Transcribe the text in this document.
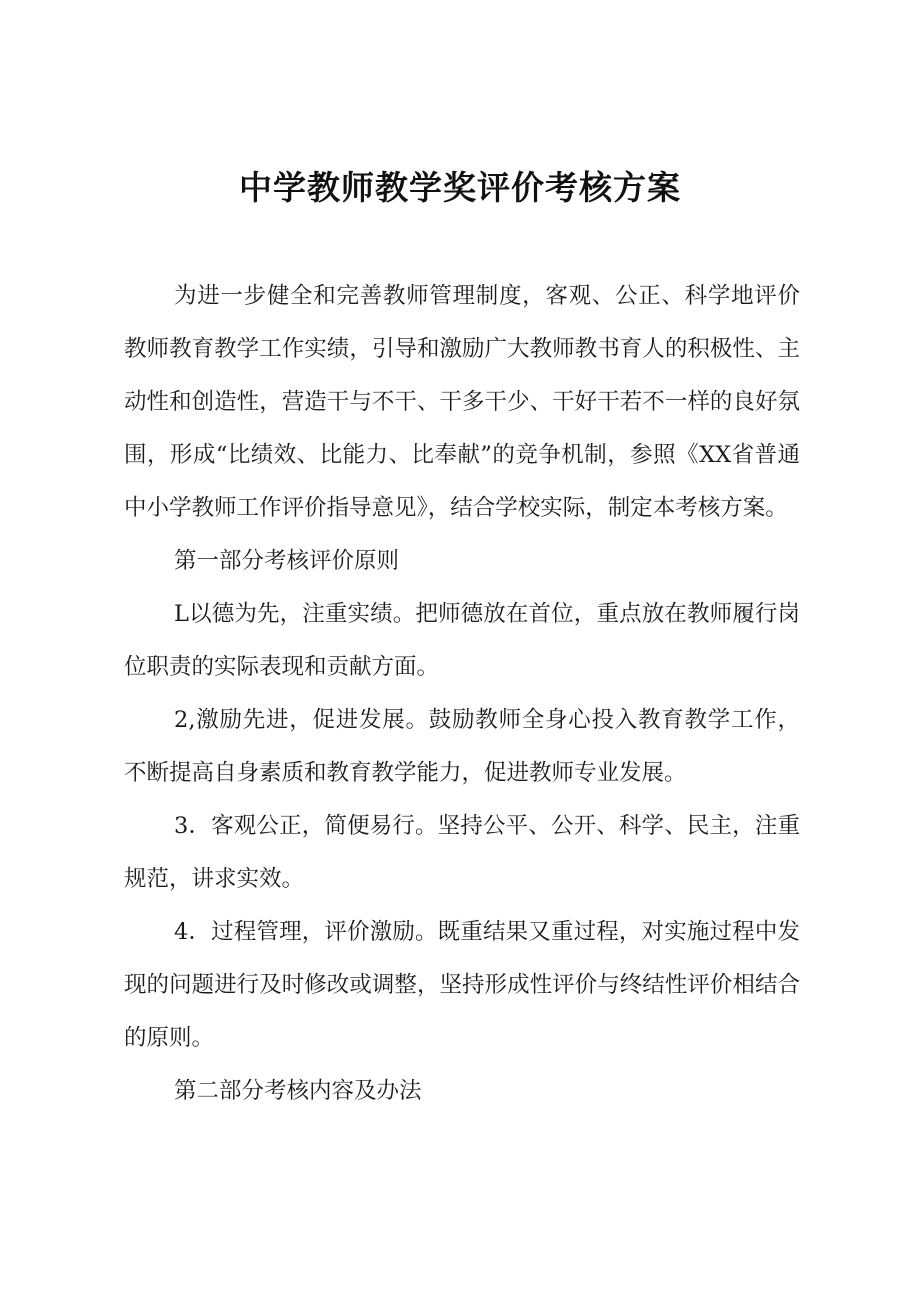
中学教师教学奖评价考核方案

为进一步健全和完善教师管理制度，客观、公正、科学地评价教师教育教学工作实绩，引导和激励广大教师教书育人的积极性、主动性和创造性，营造干与不干、干多干少、干好干若不一样的良好氛围，形成“比绩效、比能力、比奉献”的竞争机制，参照《XX省普通中小学教师工作评价指导意见》，结合学校实际，制定本考核方案。

第一部分考核评价原则

L以德为先，注重实绩。把师德放在首位，重点放在教师履行岗位职责的实际表现和贡献方面。

2,激励先进，促进发展。鼓励教师全身心投入教育教学工作，不断提高自身素质和教育教学能力，促进教师专业发展。

3．客观公正，简便易行。坚持公平、公开、科学、民主，注重规范，讲求实效。

4．过程管理，评价激励。既重结果又重过程，对实施过程中发现的问题进行及时修改或调整，坚持形成性评价与终结性评价相结合的原则。

第二部分考核内容及办法
